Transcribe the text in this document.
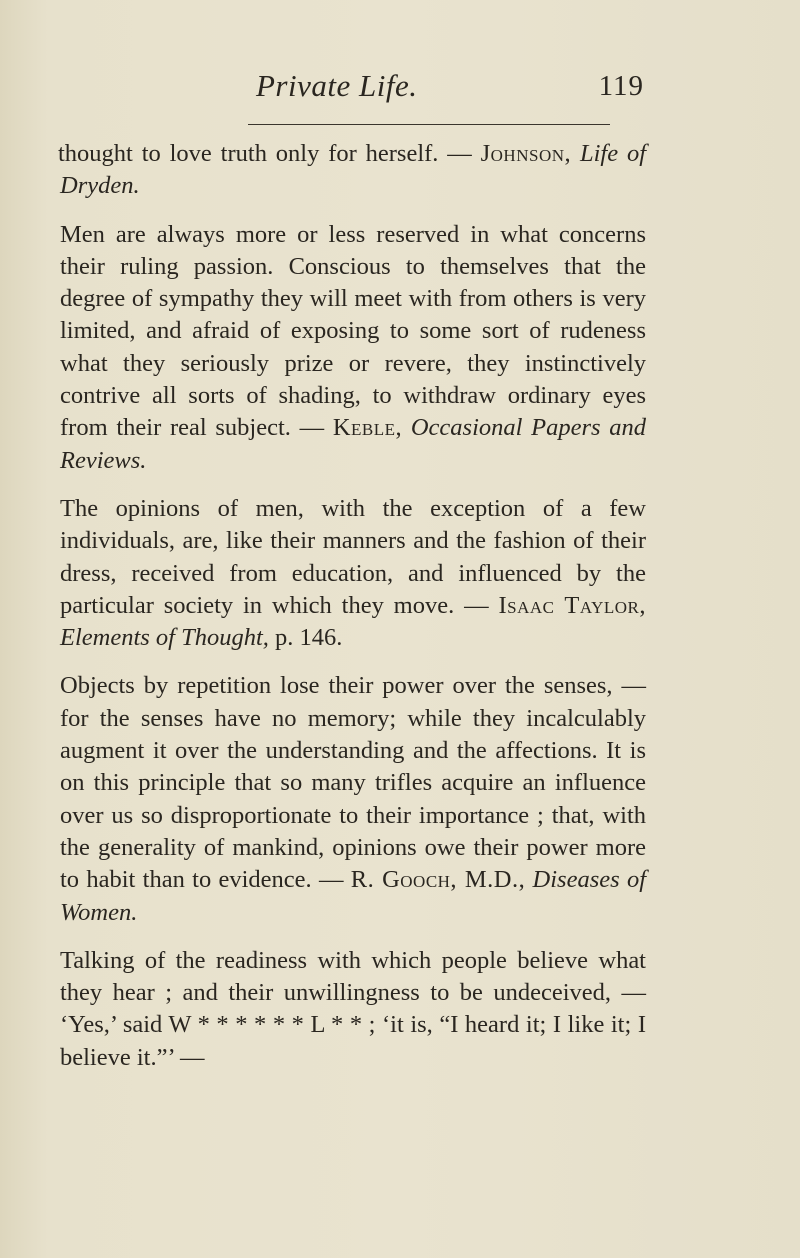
Private Life.	119

thought to love truth only for herself. — Johnson, Life of Dryden.

Men are always more or less reserved in what concerns their ruling passion. Conscious to themselves that the degree of sympathy they will meet with from others is very limited, and afraid of exposing to some sort of rudeness what they seriously prize or revere, they instinctively contrive all sorts of shading, to withdraw ordinary eyes from their real subject. — Keble, Occasional Papers and Reviews.

The opinions of men, with the exception of a few individuals, are, like their manners and the fashion of their dress, received from education, and influenced by the particular society in which they move. — Isaac Taylor, Elements of Thought, p. 146.

Objects by repetition lose their power over the senses, — for the senses have no memory; while they incalculably augment it over the understanding and the affections. It is on this principle that so many trifles acquire an influence over us so disproportionate to their importance ; that, with the generality of mankind, opinions owe their power more to habit than to evidence. — R. Gooch, M.D., Diseases of Women.

Talking of the readiness with which people believe what they hear ; and their unwillingness to be undeceived, — ‘Yes,’ said W * * * * * * L * * ; ‘it is, “I heard it; I like it; I believe it.”’ —
